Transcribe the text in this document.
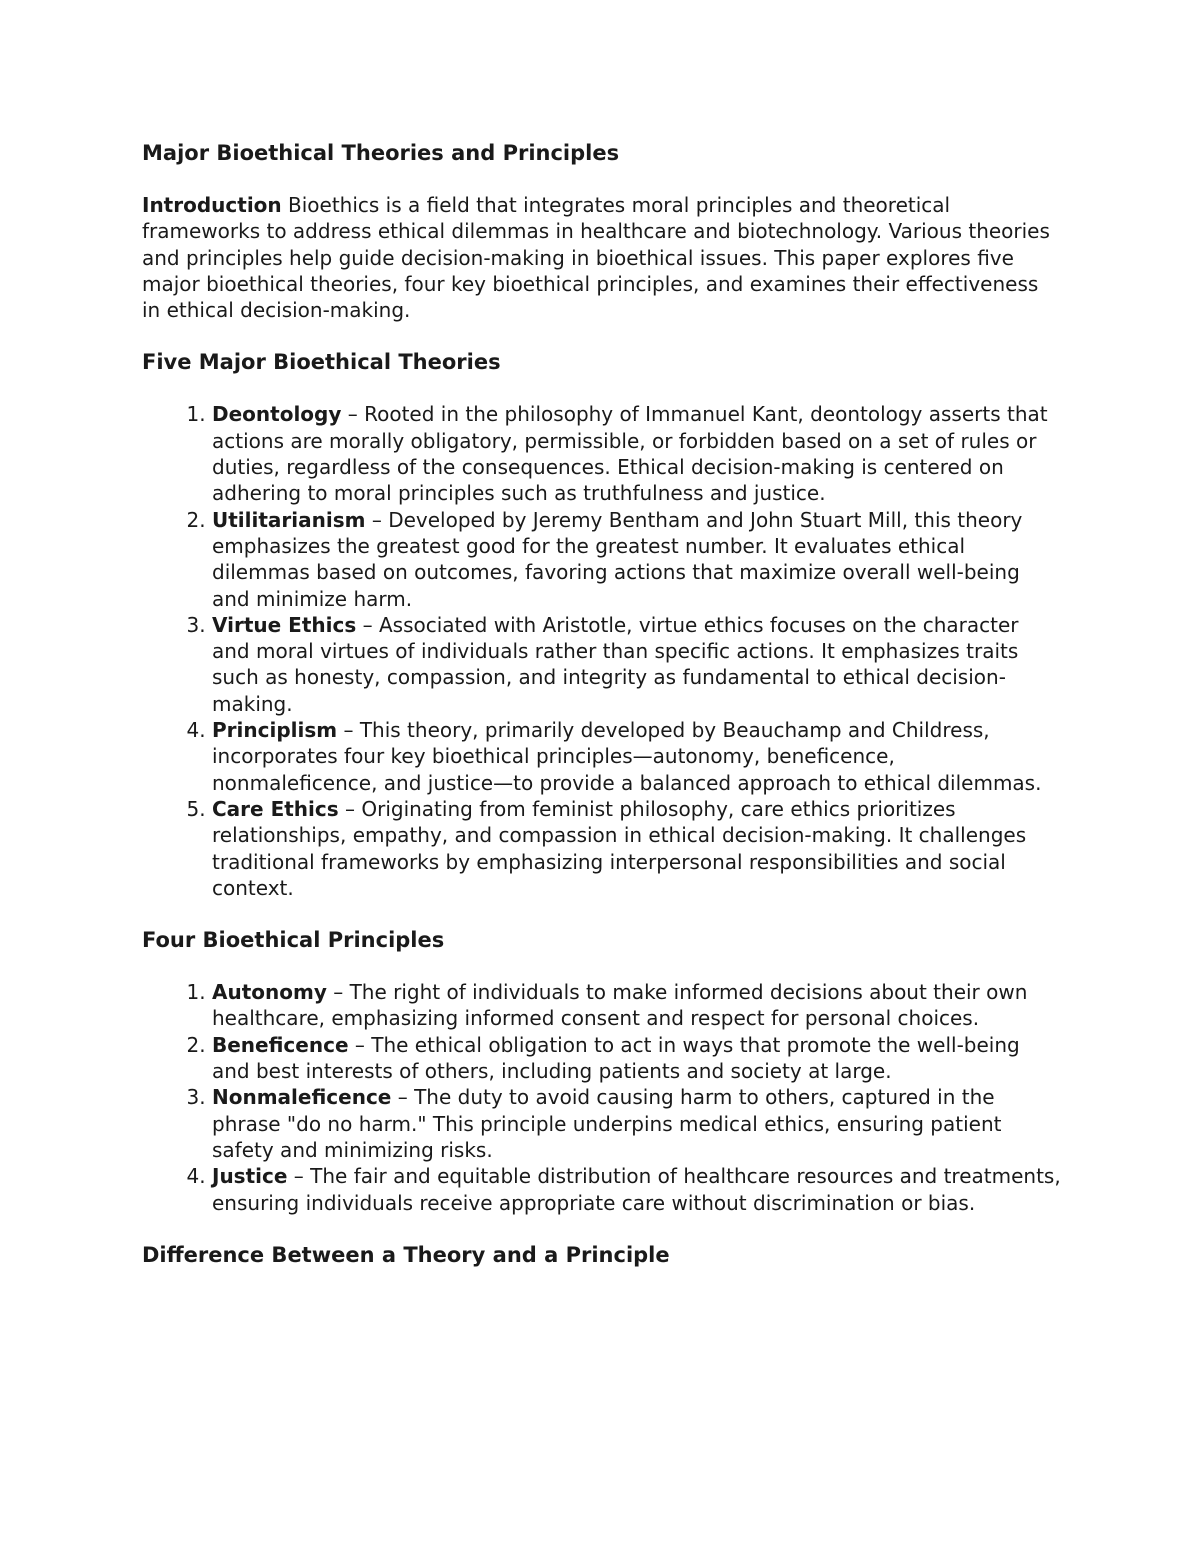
Major Bioethical Theories and Principles

Introduction Bioethics is a field that integrates moral principles and theoretical frameworks to address ethical dilemmas in healthcare and biotechnology. Various theories and principles help guide decision-making in bioethical issues. This paper explores five major bioethical theories, four key bioethical principles, and examines their effectiveness in ethical decision-making.

Five Major Bioethical Theories
1. Deontology – Rooted in the philosophy of Immanuel Kant, deontology asserts that actions are morally obligatory, permissible, or forbidden based on a set of rules or duties, regardless of the consequences. Ethical decision-making is centered on adhering to moral principles such as truthfulness and justice.
2. Utilitarianism – Developed by Jeremy Bentham and John Stuart Mill, this theory emphasizes the greatest good for the greatest number. It evaluates ethical dilemmas based on outcomes, favoring actions that maximize overall well-being and minimize harm.
3. Virtue Ethics – Associated with Aristotle, virtue ethics focuses on the character and moral virtues of individuals rather than specific actions. It emphasizes traits such as honesty, compassion, and integrity as fundamental to ethical decision-making.
4. Principlism – This theory, primarily developed by Beauchamp and Childress, incorporates four key bioethical principles—autonomy, beneficence, nonmaleficence, and justice—to provide a balanced approach to ethical dilemmas.
5. Care Ethics – Originating from feminist philosophy, care ethics prioritizes relationships, empathy, and compassion in ethical decision-making. It challenges traditional frameworks by emphasizing interpersonal responsibilities and social context.
Four Bioethical Principles
1. Autonomy – The right of individuals to make informed decisions about their own healthcare, emphasizing informed consent and respect for personal choices.
2. Beneficence – The ethical obligation to act in ways that promote the well-being and best interests of others, including patients and society at large.
3. Nonmaleficence – The duty to avoid causing harm to others, captured in the phrase "do no harm." This principle underpins medical ethics, ensuring patient safety and minimizing risks.
4. Justice – The fair and equitable distribution of healthcare resources and treatments, ensuring individuals receive appropriate care without discrimination or bias.
Difference Between a Theory and a Principle
